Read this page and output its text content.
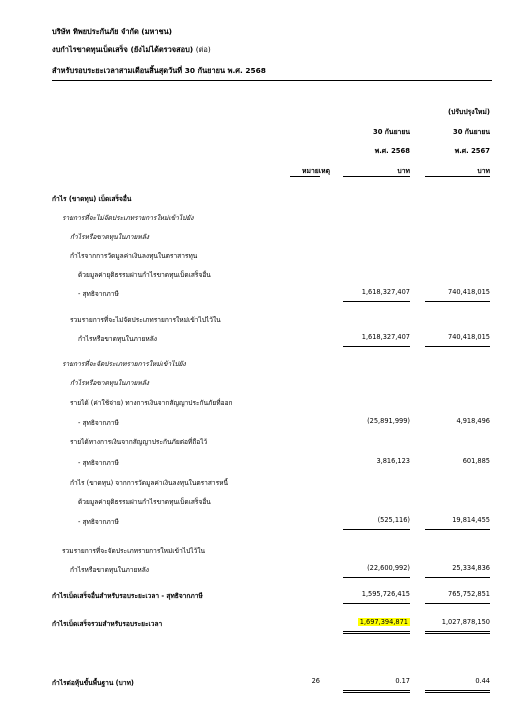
บริษัท ทิพยประกันภัย จำกัด (มหาชน)
งบกำไรขาดทุนเบ็ดเสร็จ (ยังไม่ได้ตรวจสอบ) (ต่อ)
สำหรับรอบระยะเวลาสามเดือนสิ้นสุดวันที่ 30 กันยายน พ.ศ. 2568
(ปรับปรุงใหม่)
30 กันยายน	30 กันยายน
พ.ศ. 2568	พ.ศ. 2567
หมายเหตุ	บาท	บาท
กำไร (ขาดทุน) เบ็ดเสร็จอื่น
รายการที่จะไม่จัดประเภทรายการใหม่เข้าไปยัง
กำไรหรือขาดทุนในภายหลัง
กำไรจากการวัดมูลค่าเงินลงทุนในตราสารทุน
ด้วยมูลค่ายุติธรรมผ่านกำไรขาดทุนเบ็ดเสร็จอื่น
- สุทธิจากภาษี	1,618,327,407	740,418,015
รวมรายการที่จะไม่จัดประเภทรายการใหม่เข้าไปไว้ใน
กำไรหรือขาดทุนในภายหลัง	1,618,327,407	740,418,015
รายการที่จะจัดประเภทรายการใหม่เข้าไปยัง
กำไรหรือขาดทุนในภายหลัง
รายได้ (ค่าใช้จ่าย) ทางการเงินจากสัญญาประกันภัยที่ออก
- สุทธิจากภาษี	(25,891,999)	4,918,496
รายได้ทางการเงินจากสัญญาประกันภัยต่อที่ถือไว้
- สุทธิจากภาษี	3,816,123	601,885
กำไร (ขาดทุน) จากการวัดมูลค่าเงินลงทุนในตราสารหนี้
ด้วยมูลค่ายุติธรรมผ่านกำไรขาดทุนเบ็ดเสร็จอื่น
- สุทธิจากภาษี	(525,116)	19,814,455
รวมรายการที่จะจัดประเภทรายการใหม่เข้าไปไว้ใน
กำไรหรือขาดทุนในภายหลัง	(22,600,992)	25,334,836
กำไรเบ็ดเสร็จอื่นสำหรับรอบระยะเวลา - สุทธิจากภาษี	1,595,726,415	765,752,851
กำไรเบ็ดเสร็จรวมสำหรับรอบระยะเวลา	1,697,394,871	1,027,878,150
กำไรต่อหุ้นขั้นพื้นฐาน (บาท)	26	0.17	0.44
